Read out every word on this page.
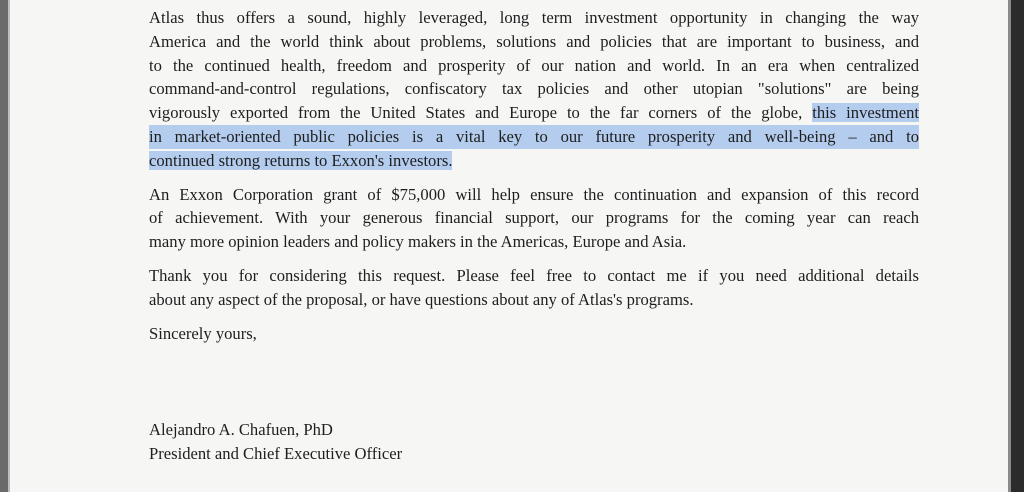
Atlas thus offers a sound, highly leveraged, long term investment opportunity in changing the way
America and the world think about problems, solutions and policies that are important to business, and
to the continued health, freedom and prosperity of our nation and world. In an era when centralized
command-and-control regulations, confiscatory tax policies and other utopian "solutions" are being
vigorously exported from the United States and Europe to the far corners of the globe, this investment
in market-oriented public policies is a vital key to our future prosperity and well-being – and to
continued strong returns to Exxon's investors.

An Exxon Corporation grant of $75,000 will help ensure the continuation and expansion of this record
of achievement. With your generous financial support, our programs for the coming year can reach
many more opinion leaders and policy makers in the Americas, Europe and Asia.

Thank you for considering this request. Please feel free to contact me if you need additional details
about any aspect of the proposal, or have questions about any of Atlas's programs.

Sincerely yours,

Alejandro A. Chafuen, PhD
President and Chief Executive Officer
